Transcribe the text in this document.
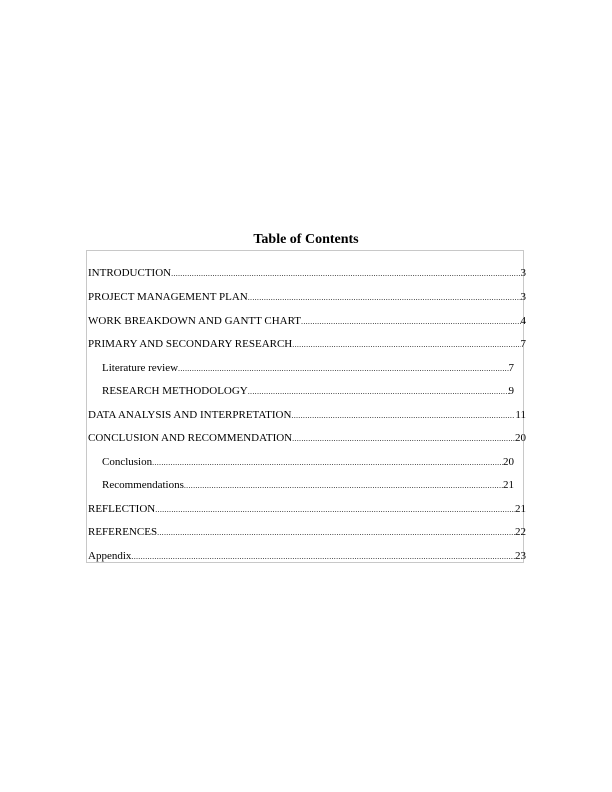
Table of Contents
INTRODUCTION .....	3
PROJECT MANAGEMENT PLAN .....	3
WORK BREAKDOWN AND GANTT CHART .....	4
PRIMARY AND SECONDARY RESEARCH .....	7
Literature review .....	7
RESEARCH METHODOLOGY .....	9
DATA ANALYSIS AND INTERPRETATION .....	11
CONCLUSION AND RECOMMENDATION .....	20
Conclusion .....	20
Recommendations .....	21
REFLECTION .....	21
REFERENCES .....	22
Appendix .....	23
